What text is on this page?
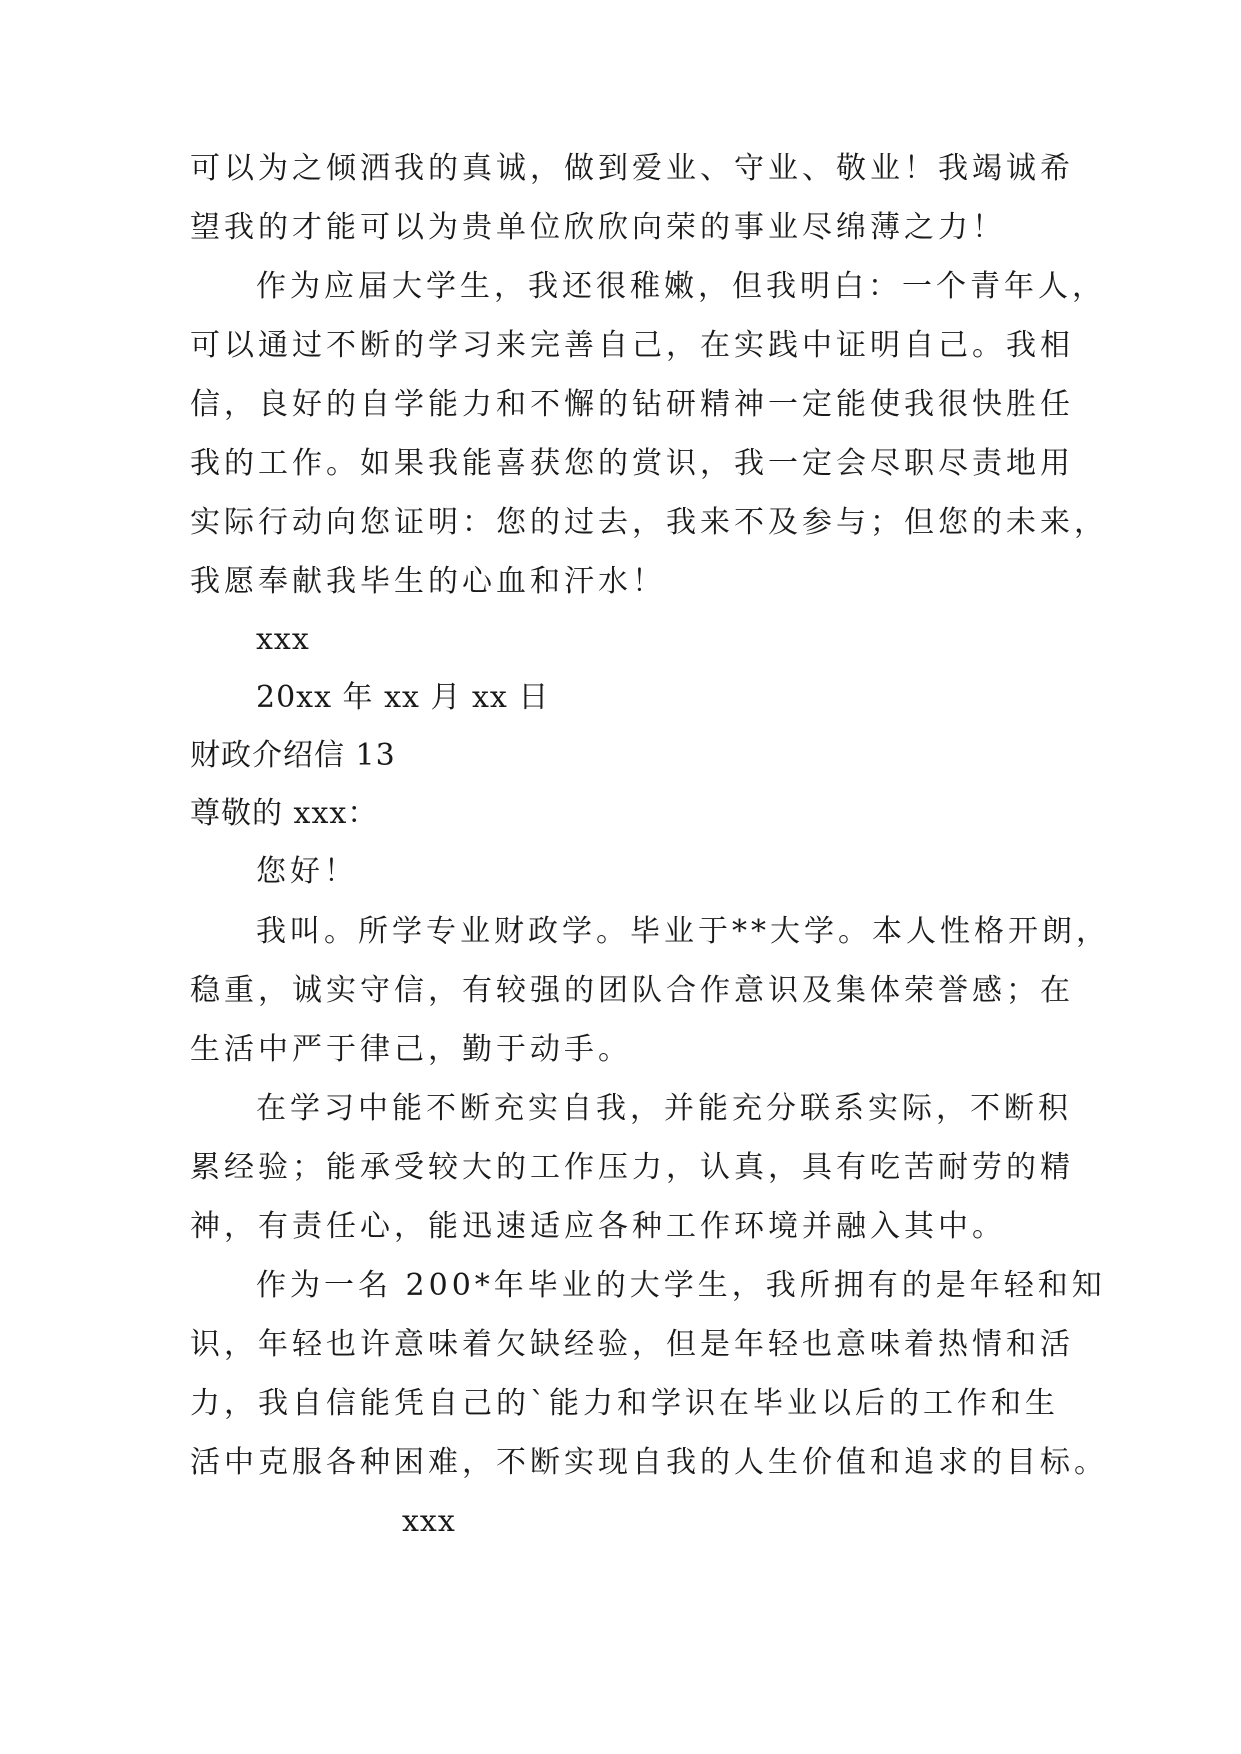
可以为之倾洒我的真诚，做到爱业、守业、敬业！我竭诚希
望我的才能可以为贵单位欣欣向荣的事业尽绵薄之力！
作为应届大学生，我还很稚嫩，但我明白：一个青年人，
可以通过不断的学习来完善自己，在实践中证明自己。我相
信，良好的自学能力和不懈的钻研精神一定能使我很快胜任
我的工作。如果我能喜获您的赏识，我一定会尽职尽责地用
实际行动向您证明：您的过去，我来不及参与；但您的未来，
我愿奉献我毕生的心血和汗水！
xxx
20xx 年 xx 月 xx 日
财政介绍信 13
尊敬的 xxx：
您好！
我叫。所学专业财政学。毕业于**大学。本人性格开朗，
稳重，诚实守信，有较强的团队合作意识及集体荣誉感；在
生活中严于律己，勤于动手。
在学习中能不断充实自我，并能充分联系实际，不断积
累经验；能承受较大的工作压力，认真，具有吃苦耐劳的精
神，有责任心，能迅速适应各种工作环境并融入其中。
作为一名 200*年毕业的大学生，我所拥有的是年轻和知
识，年轻也许意味着欠缺经验，但是年轻也意味着热情和活
力，我自信能凭自己的`能力和学识在毕业以后的工作和生
活中克服各种困难，不断实现自我的人生价值和追求的目标。
xxx
